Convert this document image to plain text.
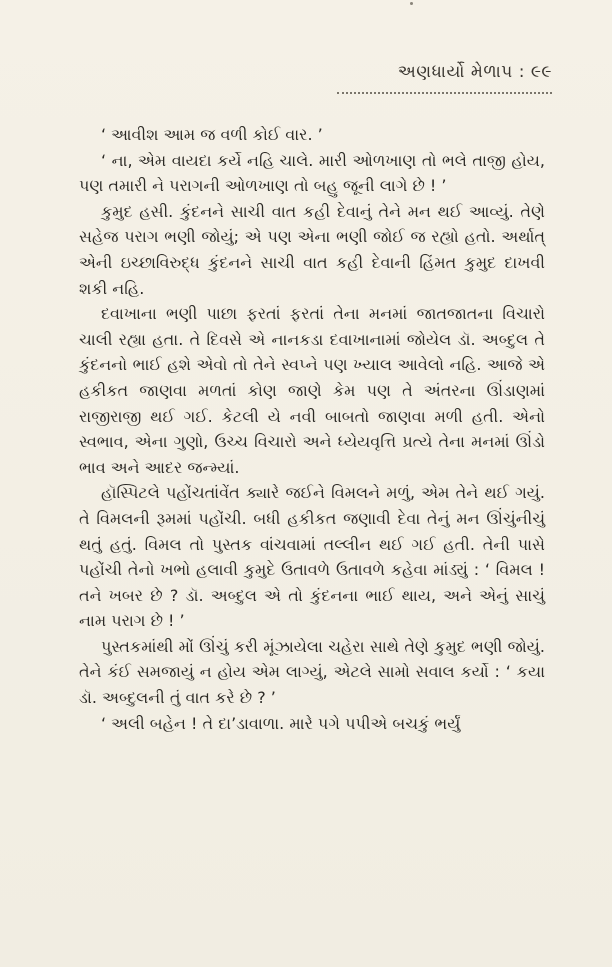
અણધાર્યો મેળાપ : ૯૯

‘ આવીશ આમ જ વળી કોઈ વાર. ’

‘ ના, એમ વાયદા કર્યે નહિ ચાલે. મારી ઓળખાણ તો ભલે તાજી હોય, પણ તમારી ને પરાગની ઓળખાણ તો બહુ જૂની લાગે છે ! ’

કુમુદ હસી. કુંદનને સાચી વાત કહી દેવાનું તેને મન થઈ આવ્યું. તેણે સહેજ પરાગ ભણી જોયું; એ પણ એના ભણી જોઈ જ રહ્યો હતો. અર્થાત્ એની ઇચ્છાવિરુદ્ધ કુંદનને સાચી વાત કહી દેવાની હિંમત કુમુદ દાખવી શકી નહિ.

દવાખાના ભણી પાછા ફરતાં ફરતાં તેના મનમાં જાતજાતના વિચારો ચાલી રહ્યા હતા. તે દિવસે એ નાનકડા દવાખાનામાં જોયેલ ડૉ. અબ્દુલ તે કુંદનનો ભાઈ હશે એવો તો તેને સ્વપ્ને પણ ખ્યાલ આવેલો નહિ. આજે એ હકીકત જાણવા મળતાં કોણ જાણે કેમ પણ તે અંતરના ઊંડાણમાં રાજીરાજી થઈ ગઈ. કેટલી યે નવી બાબતો જાણવા મળી હતી. એનો સ્વભાવ, એના ગુણો, ઉચ્ચ વિચારો અને ધ્યેયવૃત્તિ પ્રત્યે તેના મનમાં ઊંડો ભાવ અને આદર જન્મ્યાં.

હૉસ્પિટલે પહોંચતાંવેંત ક્યારે જઈને વિમલને મળું, એમ તેને થઈ ગયું. તે વિમલની રૂમમાં પહોંચી. બધી હકીકત જણાવી દેવા તેનું મન ઊંચુંનીચું થતું હતું. વિમલ તો પુસ્તક વાંચવામાં તલ્લીન થઈ ગઈ હતી. તેની પાસે પહોંચી તેનો ખભો હલાવી કુમુદે ઉતાવળે ઉતાવળે કહેવા માંડ્યું : ‘ વિમલ ! તને ખબર છે ? ડૉ. અબ્દુલ એ તો કુંદનના ભાઈ થાય, અને એનું સાચું નામ પરાગ છે ! ’

પુસ્તકમાંથી મોં ઊંચું કરી મૂંઝાયેલા ચહેરા સાથે તેણે કુમુદ ભણી જોયું. તેને કંઈ સમજાયું ન હોય એમ લાગ્યું, એટલે સામો સવાલ કર્યો : ‘ કયા ડૉ. અબ્દુલની તું વાત કરે છે ? ’

‘ અલી બહેન ! તે દા’ડાવાળા. મારે પગે પપીએ બચકું ભર્યું
